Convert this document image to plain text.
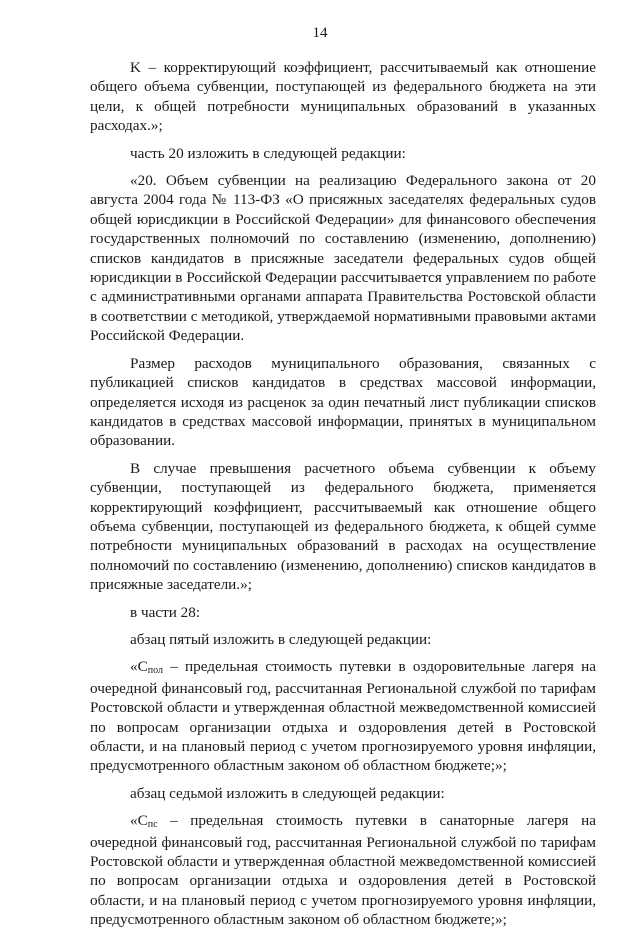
14

K – корректирующий коэффициент, рассчитываемый как отношение общего объема субвенции, поступающей из федерального бюджета на эти цели, к общей потребности муниципальных образований в указанных расходах.»;

часть 20 изложить в следующей редакции:

«20. Объем субвенции на реализацию Федерального закона от 20 августа 2004 года № 113-ФЗ «О присяжных заседателях федеральных судов общей юрисдикции в Российской Федерации» для финансового обеспечения государственных полномочий по составлению (изменению, дополнению) списков кандидатов в присяжные заседатели федеральных судов общей юрисдикции в Российской Федерации рассчитывается управлением по работе с административными органами аппарата Правительства Ростовской области в соответствии с методикой, утверждаемой нормативными правовыми актами Российской Федерации.

Размер расходов муниципального образования, связанных с публикацией списков кандидатов в средствах массовой информации, определяется исходя из расценок за один печатный лист публикации списков кандидатов в средствах массовой информации, принятых в муниципальном образовании.

В случае превышения расчетного объема субвенции к объему субвенции, поступающей из федерального бюджета, применяется корректирующий коэффициент, рассчитываемый как отношение общего объема субвенции, поступающей из федерального бюджета, к общей сумме потребности муниципальных образований в расходах на осуществление полномочий по составлению (изменению, дополнению) списков кандидатов в присяжные заседатели.»;

в части 28:

абзац пятый изложить в следующей редакции:

«Cпол – предельная стоимость путевки в оздоровительные лагеря на очередной финансовый год, рассчитанная Региональной службой по тарифам Ростовской области и утвержденная областной межведомственной комиссией по вопросам организации отдыха и оздоровления детей в Ростовской области, и на плановый период с учетом прогнозируемого уровня инфляции, предусмотренного областным законом об областном бюджете;»;

абзац седьмой изложить в следующей редакции:

«Cпс – предельная стоимость путевки в санаторные лагеря на очередной финансовый год, рассчитанная Региональной службой по тарифам Ростовской области и утвержденная областной межведомственной комиссией по вопросам организации отдыха и оздоровления детей в Ростовской области, и на плановый период с учетом прогнозируемого уровня инфляции, предусмотренного областным законом об областном бюджете;»;
